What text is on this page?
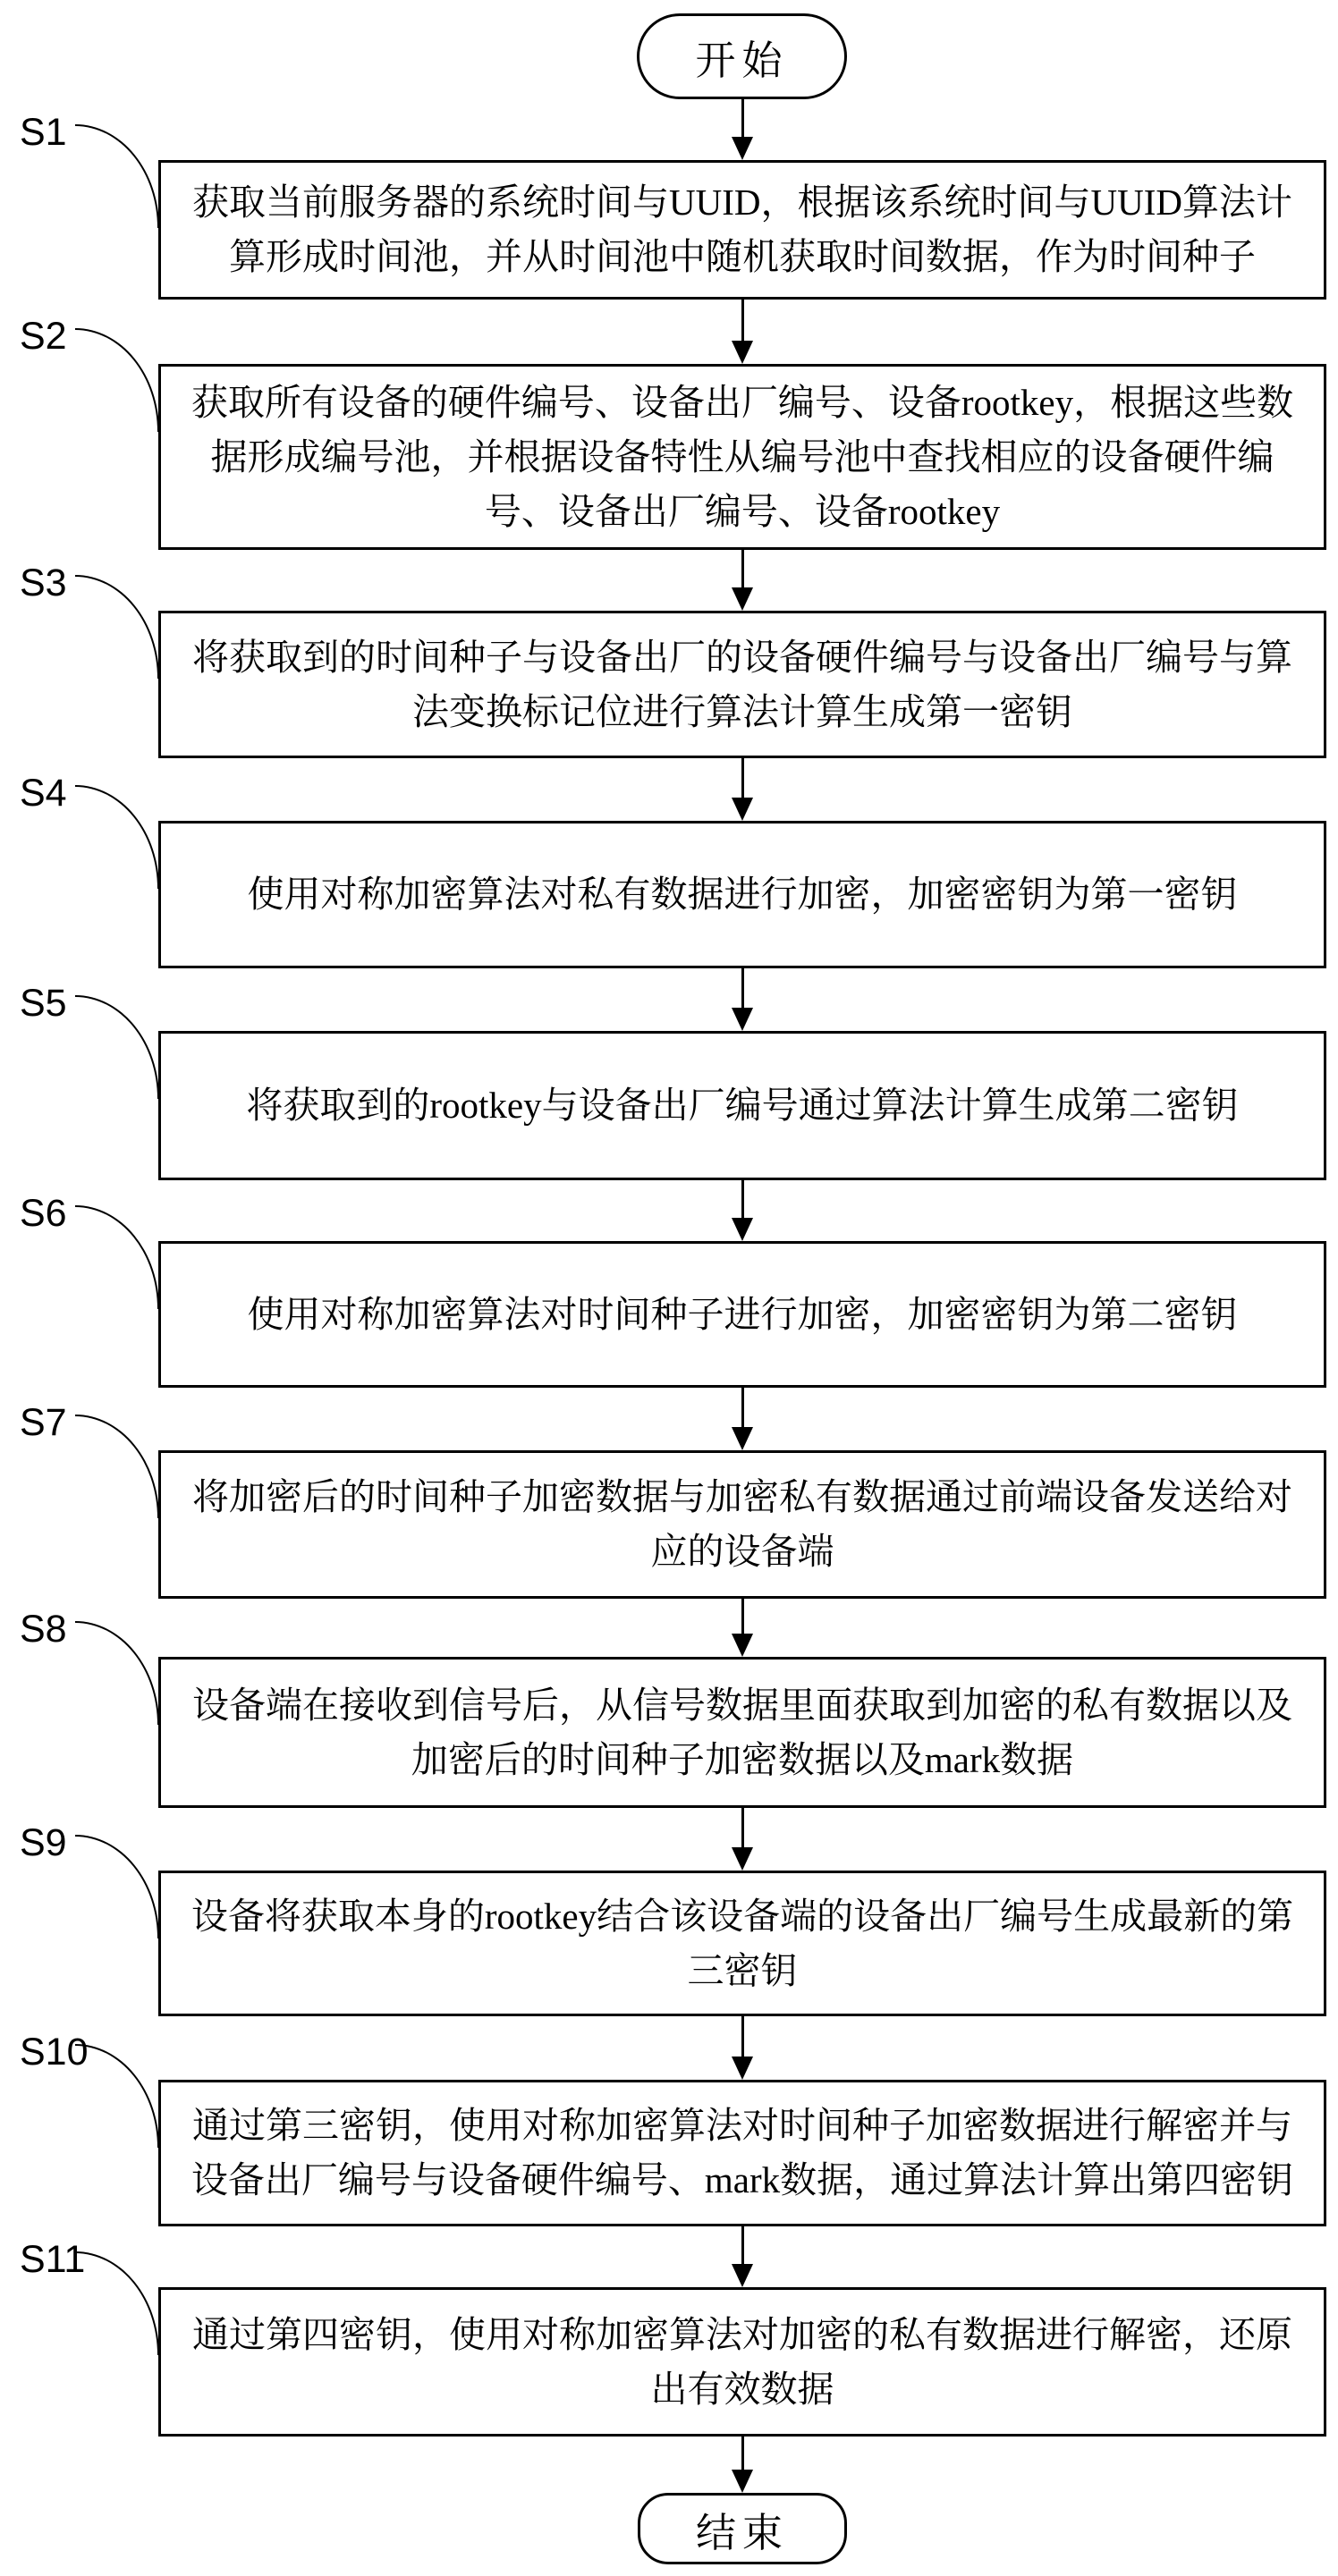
开始
S1

获取当前服务器的系统时间与UUID，根据该系统时间与UUID算法计算形成时间池，并从时间池中随机获取时间数据，作为时间种子

S2

获取所有设备的硬件编号、设备出厂编号、设备rootkey，根据这些数据形成编号池，并根据设备特性从编号池中查找相应的设备硬件编号、设备出厂编号、设备rootkey

S3

将获取到的时间种子与设备出厂的设备硬件编号与设备出厂编号与算法变换标记位进行算法计算生成第一密钥

S4

使用对称加密算法对私有数据进行加密，加密密钥为第一密钥

S5

将获取到的rootkey与设备出厂编号通过算法计算生成第二密钥

S6

使用对称加密算法对时间种子进行加密，加密密钥为第二密钥

S7

将加密后的时间种子加密数据与加密私有数据通过前端设备发送给对应的设备端

S8

设备端在接收到信号后，从信号数据里面获取到加密的私有数据以及加密后的时间种子加密数据以及mark数据

S9

设备将获取本身的rootkey结合该设备端的设备出厂编号生成最新的第三密钥

S10

通过第三密钥，使用对称加密算法对时间种子加密数据进行解密并与设备出厂编号与设备硬件编号、mark数据，通过算法计算出第四密钥

S11

通过第四密钥，使用对称加密算法对加密的私有数据进行解密，还原出有效数据

结束
